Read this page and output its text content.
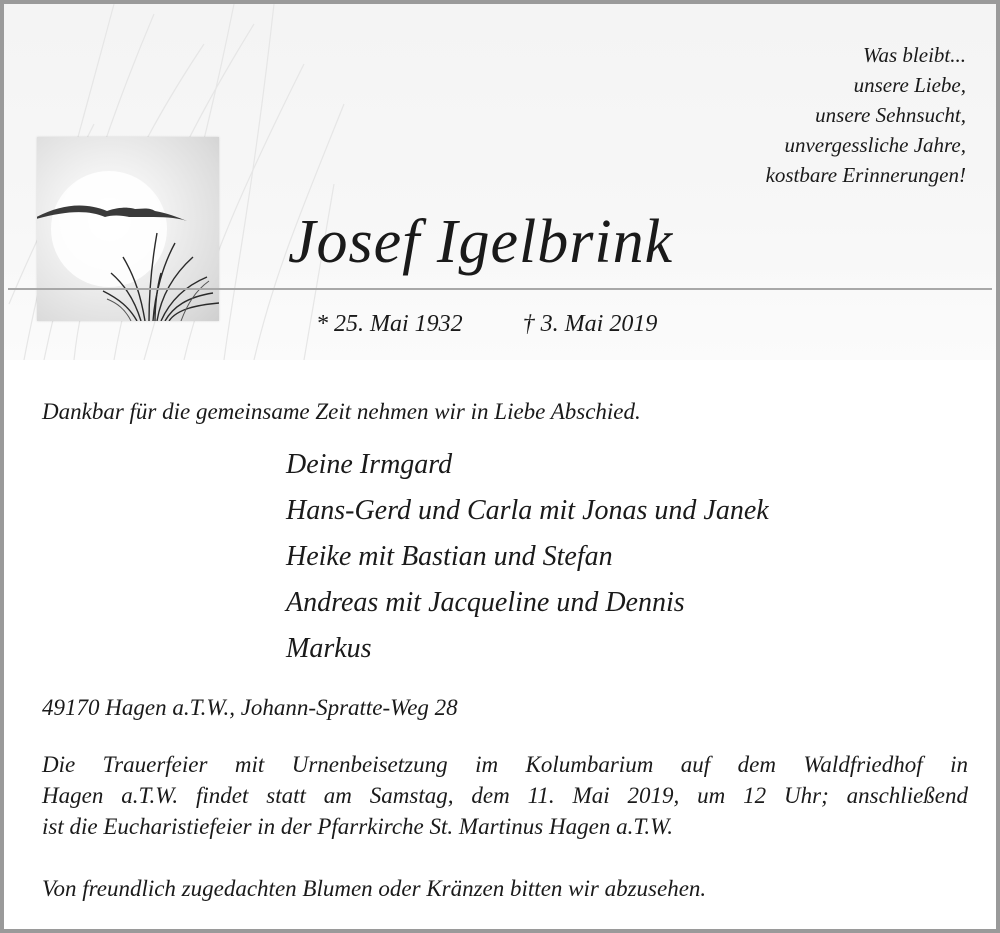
Was bleibt...
unsere Liebe,
unsere Sehnsucht,
unvergessliche Jahre,
kostbare Erinnerungen!
Josef Igelbrink
* 25. Mai 1932	† 3. Mai 2019
Dankbar für die gemeinsame Zeit nehmen wir in Liebe Abschied.
Deine Irmgard
Hans-Gerd und Carla mit Jonas und Janek
Heike mit Bastian und Stefan
Andreas mit Jacqueline und Dennis
Markus
49170 Hagen a.T.W., Johann-Spratte-Weg 28
Die Trauerfeier mit Urnenbeisetzung im Kolumbarium auf dem Waldfriedhof in
Hagen a.T.W. findet statt am Samstag, dem 11. Mai 2019, um 12 Uhr; anschließend
ist die Eucharistiefeier in der Pfarrkirche St. Martinus Hagen a.T.W.
Von freundlich zugedachten Blumen oder Kränzen bitten wir abzusehen.
